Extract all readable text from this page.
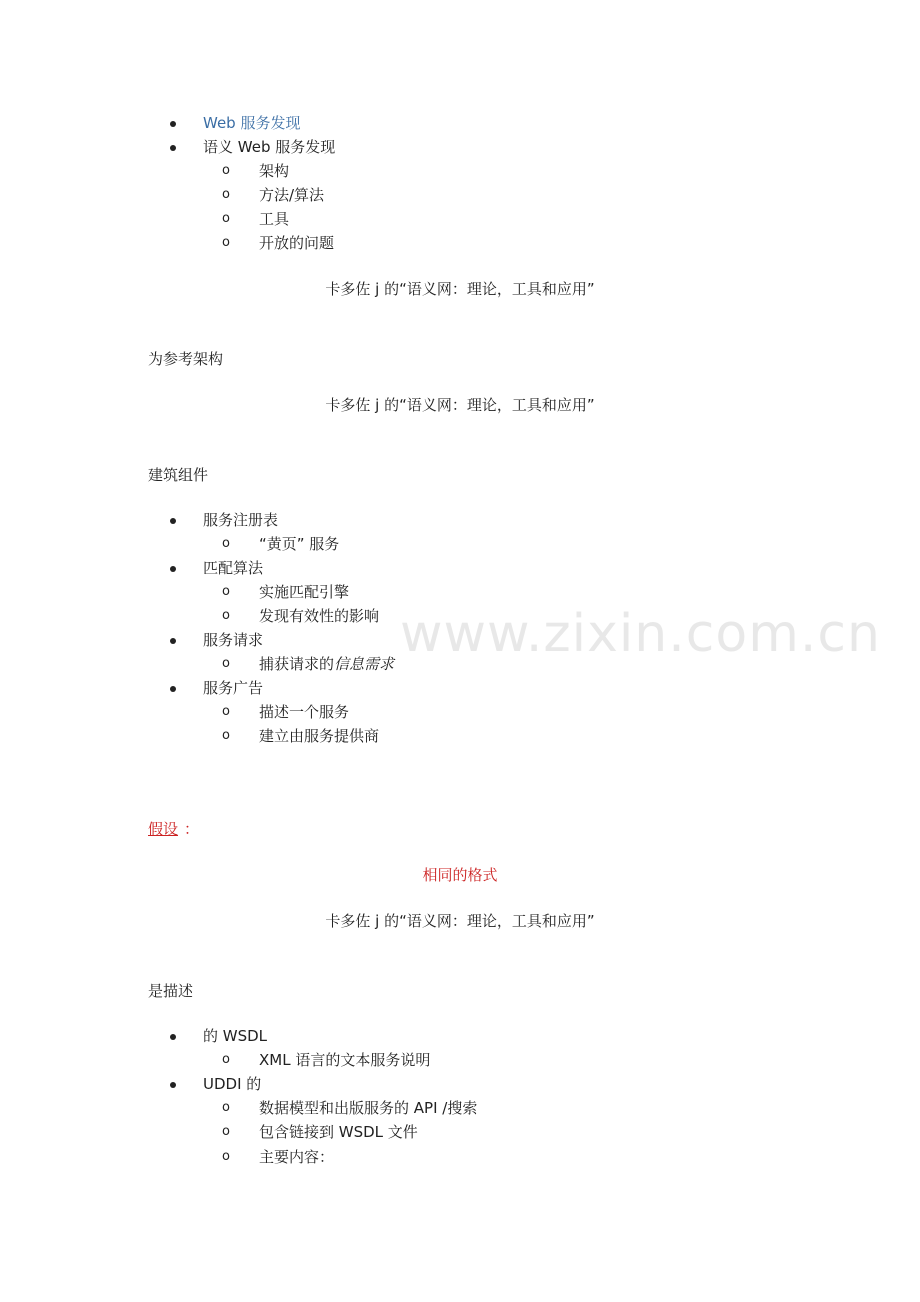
Web 服务发现
语义 Web 服务发现
o 架构
o 方法/算法
o 工具
o 开放的问题
卡多佐 j 的“语义网：理论，工具和应用”
为参考架构
卡多佐 j 的“语义网：理论，工具和应用”
建筑组件
服务注册表
o “黄页” 服务
匹配算法
o 实施匹配引擎
o 发现有效性的影响
服务请求
o 捕获请求的信息需求
服务广告
o 描述一个服务
o 建立由服务提供商
www.zixin.com.cn
假设 ：
相同的格式
卡多佐 j 的“语义网：理论，工具和应用”
是描述
的 WSDL
o XML 语言的文本服务说明
UDDI 的
o 数据模型和出版服务的 API /搜索
o 包含链接到 WSDL 文件
o 主要内容：
